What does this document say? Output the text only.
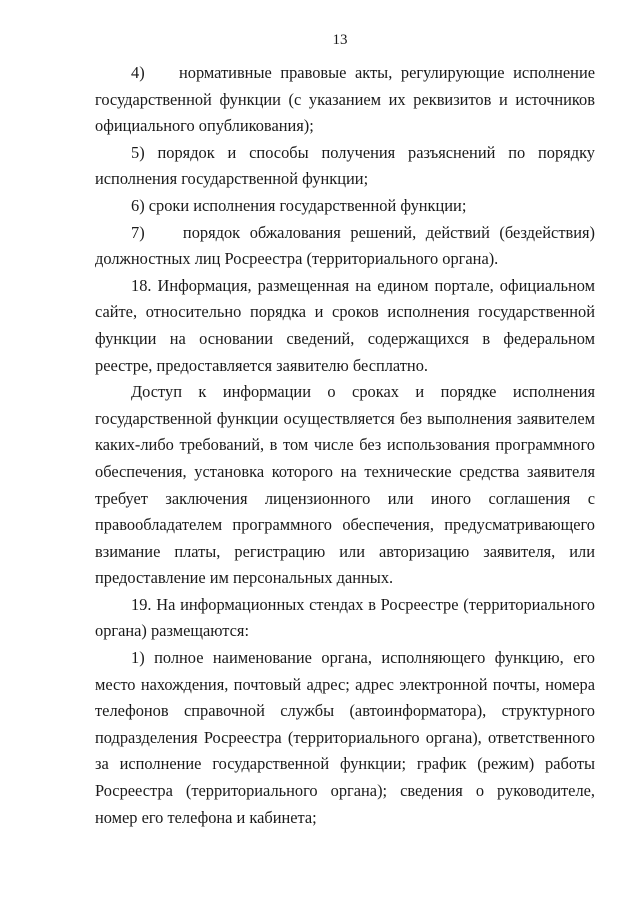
13

4)    нормативные правовые акты, регулирующие исполнение государственной функции (с указанием их реквизитов и источников официального опубликования);

5) порядок и способы получения разъяснений по порядку исполнения государственной функции;

6) сроки исполнения государственной функции;

7)    порядок обжалования решений, действий (бездействия) должностных лиц Росреестра (территориального органа).

18. Информация, размещенная на едином портале, официальном сайте, относительно порядка и сроков исполнения государственной функции на основании сведений, содержащихся в федеральном реестре, предоставляется заявителю бесплатно.

Доступ к информации о сроках и порядке исполнения государственной функции осуществляется без выполнения заявителем каких-либо требований, в том числе без использования программного обеспечения, установка которого на технические средства заявителя требует заключения лицензионного или иного соглашения с правообладателем программного обеспечения, предусматривающего взимание платы, регистрацию или авторизацию заявителя, или предоставление им персональных данных.

19. На информационных стендах в Росреестре (территориального органа) размещаются:

1) полное наименование органа, исполняющего функцию, его место нахождения, почтовый адрес; адрес электронной почты, номера телефонов справочной службы (автоинформатора), структурного подразделения Росреестра (территориального органа), ответственного за исполнение государственной функции; график (режим) работы Росреестра (территориального органа); сведения о руководителе, номер его телефона и кабинета;
